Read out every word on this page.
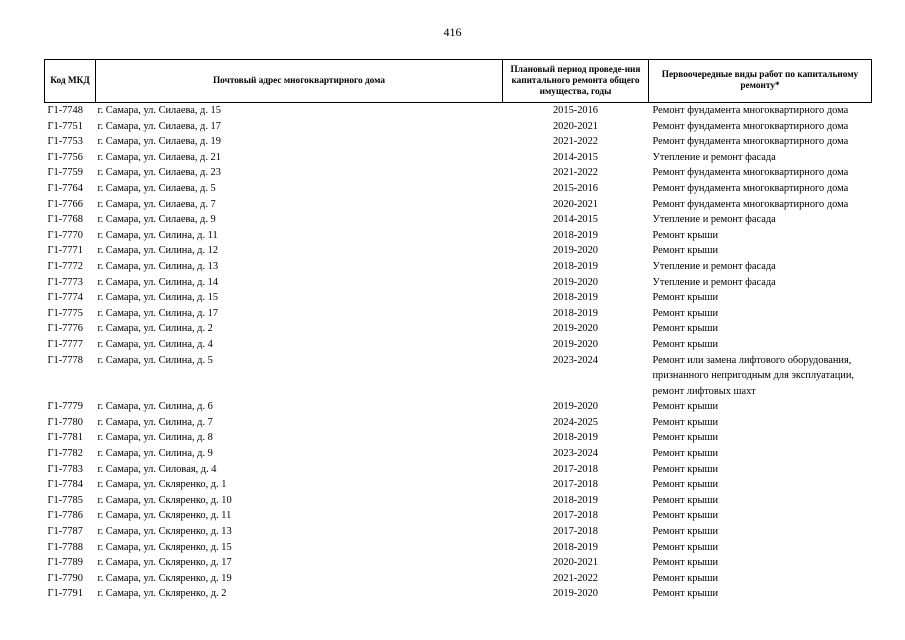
416
Код МКД	Почтовый адрес многоквартирного дома	Плановый период проведе-ния капитального ремонта общего имущества, годы	Первоочередные виды работ по капитальному ремонту*
Г1-7748	г. Самара, ул. Силаева, д. 15	2015-2016	Ремонт фундамента многоквартирного дома

Г1-7751	г. Самара, ул. Силаева, д. 17	2020-2021	Ремонт фундамента многоквартирного дома

Г1-7753	г. Самара, ул. Силаева, д. 19	2021-2022	Ремонт фундамента многоквартирного дома

Г1-7756	г. Самара, ул. Силаева, д. 21	2014-2015	Утепление и ремонт фасада

Г1-7759	г. Самара, ул. Силаева, д. 23	2021-2022	Ремонт фундамента многоквартирного дома

Г1-7764	г. Самара, ул. Силаева, д. 5	2015-2016	Ремонт фундамента многоквартирного дома

Г1-7766	г. Самара, ул. Силаева, д. 7	2020-2021	Ремонт фундамента многоквартирного дома

Г1-7768	г. Самара, ул. Силаева, д. 9	2014-2015	Утепление и ремонт фасада

Г1-7770	г. Самара, ул. Силина, д. 11	2018-2019	Ремонт крыши

Г1-7771	г. Самара, ул. Силина, д. 12	2019-2020	Ремонт крыши

Г1-7772	г. Самара, ул. Силина, д. 13	2018-2019	Утепление и ремонт фасада

Г1-7773	г. Самара, ул. Силина, д. 14	2019-2020	Утепление и ремонт фасада

Г1-7774	г. Самара, ул. Силина, д. 15	2018-2019	Ремонт крыши

Г1-7775	г. Самара, ул. Силина, д. 17	2018-2019	Ремонт крыши

Г1-7776	г. Самара, ул. Силина, д. 2	2019-2020	Ремонт крыши

Г1-7777	г. Самара, ул. Силина, д. 4	2019-2020	Ремонт крыши

Г1-7778	г. Самара, ул. Силина, д. 5	2023-2024	Ремонт или замена лифтового оборудования,
признанного непригодным для эксплуатации,
ремонт лифтовых шахт

Г1-7779	г. Самара, ул. Силина, д. 6	2019-2020	Ремонт крыши

Г1-7780	г. Самара, ул. Силина, д. 7	2024-2025	Ремонт крыши

Г1-7781	г. Самара, ул. Силина, д. 8	2018-2019	Ремонт крыши

Г1-7782	г. Самара, ул. Силина, д. 9	2023-2024	Ремонт крыши

Г1-7783	г. Самара, ул. Силовая, д. 4	2017-2018	Ремонт крыши

Г1-7784	г. Самара, ул. Скляренко, д. 1	2017-2018	Ремонт крыши

Г1-7785	г. Самара, ул. Скляренко, д. 10	2018-2019	Ремонт крыши

Г1-7786	г. Самара, ул. Скляренко, д. 11	2017-2018	Ремонт крыши

Г1-7787	г. Самара, ул. Скляренко, д. 13	2017-2018	Ремонт крыши

Г1-7788	г. Самара, ул. Скляренко, д. 15	2018-2019	Ремонт крыши

Г1-7789	г. Самара, ул. Скляренко, д. 17	2020-2021	Ремонт крыши

Г1-7790	г. Самара, ул. Скляренко, д. 19	2021-2022	Ремонт крыши

Г1-7791	г. Самара, ул. Скляренко, д. 2	2019-2020	Ремонт крыши
